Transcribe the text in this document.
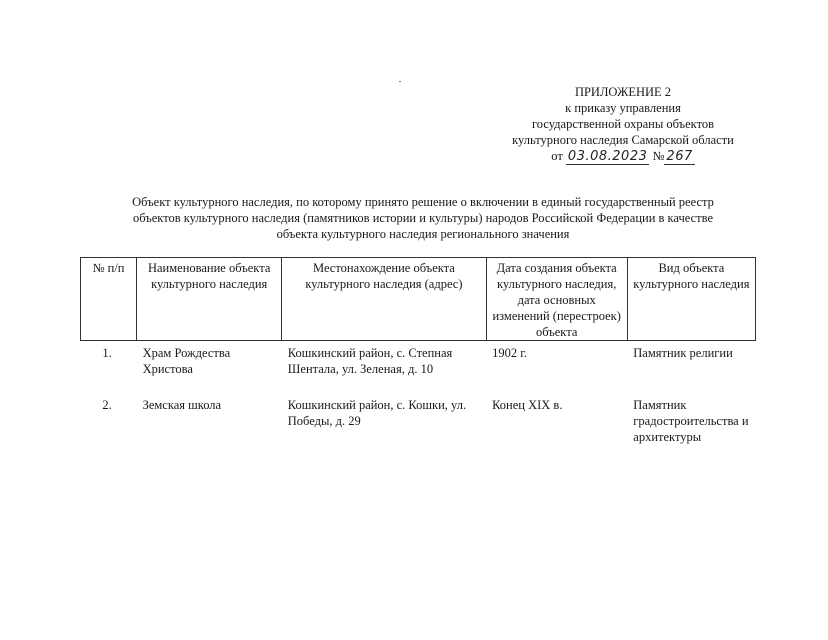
ПРИЛОЖЕНИЕ 2
к приказу управления
государственной охраны объектов
культурного наследия Самарской области
от 03.08.2023 № 267
Объект культурного наследия, по которому принято решение о включении в единый государственный реестр
объектов культурного наследия (памятников истории и культуры) народов Российской Федерации в качестве
объекта культурного наследия регионального значения
№ п/п	Наименование объекта культурного наследия	Местонахождение объекта культурного наследия (адрес)	Дата создания объекта культурного наследия, дата основных изменений (перестроек) объекта	Вид объекта культурного наследия
1.	Храм Рождества Христова	Кошкинский район, с. Степная Шентала, ул. Зеленая, д. 10	1902 г.	Памятник религии
2.	Земская школа	Кошкинский район, с. Кошки, ул. Победы, д. 29	Конец XIX в.	Памятник градостроительства и архитектуры
